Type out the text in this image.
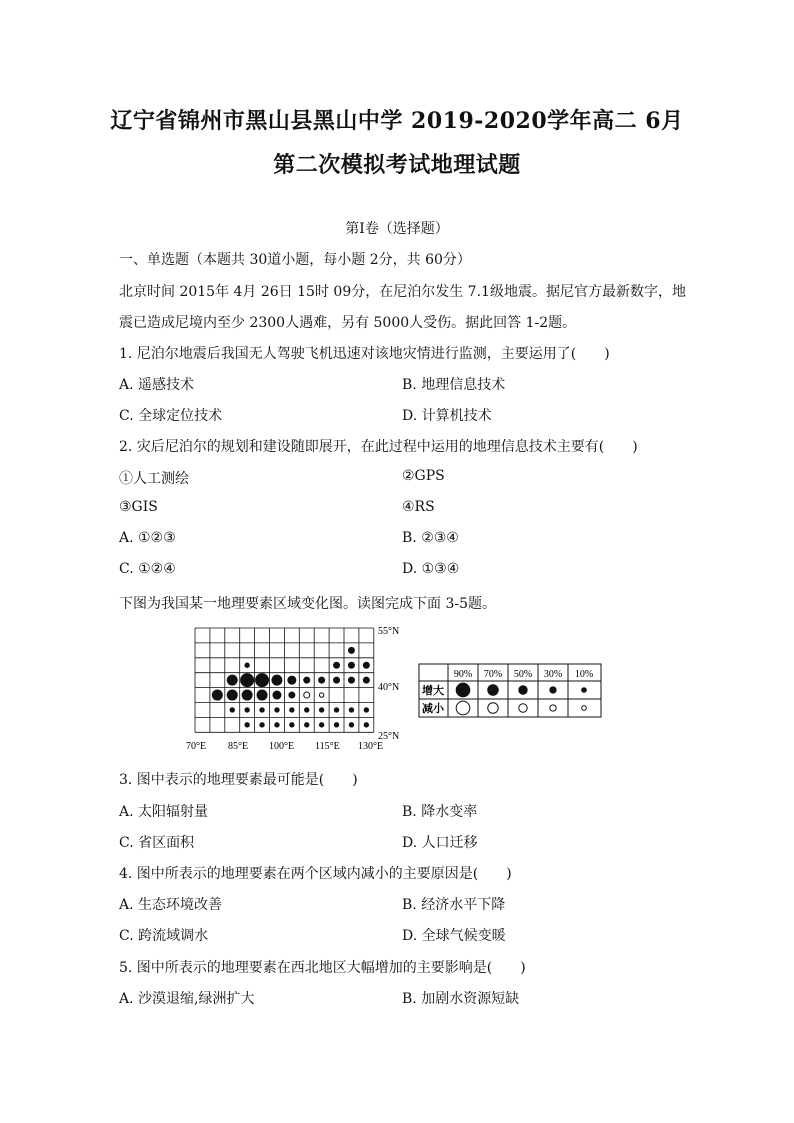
辽宁省锦州市黑山县黑山中学 2019-2020学年高二 6月
第二次模拟考试地理试题
第Ⅰ卷（选择题）
一、单选题（本题共 30道小题，每小题 2分，共 60分）
北京时间 2015年 4月 26日 15时 09分，在尼泊尔发生 7.1级地震。据尼官方最新数字，地
震已造成尼境内至少 2300人遇难，另有 5000人受伤。据此回答 1-2题。
1. 尼泊尔地震后我国无人驾驶飞机迅速对该地灾情进行监测，主要运用了(　　)
A. 遥感技术	B. 地理信息技术
C. 全球定位技术	D. 计算机技术
2. 灾后尼泊尔的规划和建设随即展开，在此过程中运用的地理信息技术主要有(　　)
①人工测绘	②GPS
③GIS	④RS
A. ①②③	B. ②③④
C. ①②④	D. ①③④
下图为我国某一地理要素区域变化图。读图完成下面 3-5题。
55°N
40°N
25°N
70°E 85°E 100°E 115°E 130°E
90% 70% 50% 30% 10%
增大
减小
3. 图中表示的地理要素最可能是(　　)
A. 太阳辐射量	B. 降水变率
C. 省区面积	D. 人口迁移
4. 图中所表示的地理要素在两个区域内减小的主要原因是(　　)
A. 生态环境改善	B. 经济水平下降
C. 跨流域调水	D. 全球气候变暖
5. 图中所表示的地理要素在西北地区大幅增加的主要影响是(　　)
A. 沙漠退缩,绿洲扩大	B. 加剧水资源短缺
